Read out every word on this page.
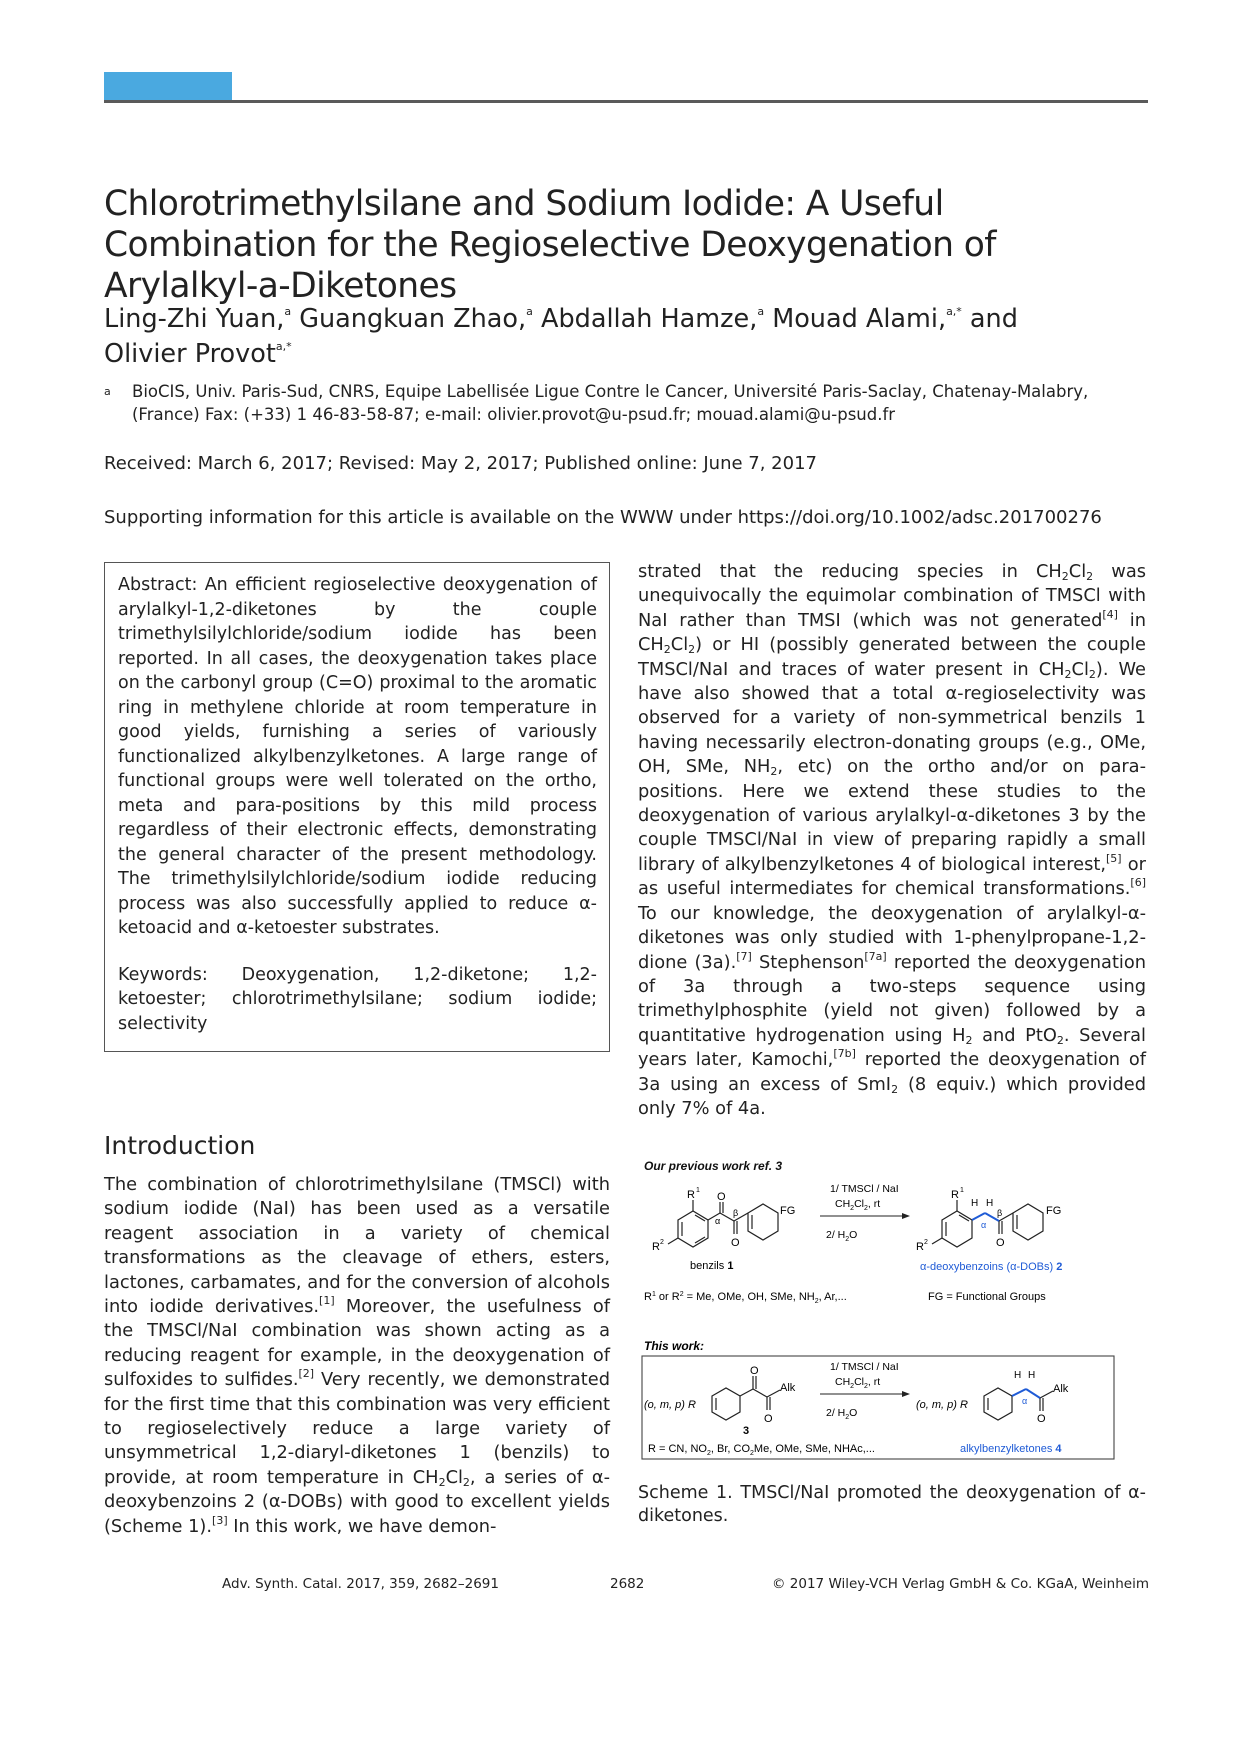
Chlorotrimethylsilane and Sodium Iodide: A Useful Combination for the Regioselective Deoxygenation of Arylalkyl-a-Diketones
Ling-Zhi Yuan,$^a$ Guangkuan Zhao,$^a$ Abdallah Hamze,$^a$ Mouad Alami,$^{a,*}$ and
Olivier Provot$^{a,*}$
a	BioCIS, Univ. Paris-Sud, CNRS, Equipe Labellisée Ligue Contre le Cancer, Université Paris-Saclay, Chatenay-Malabry,
(France) Fax: (+33) 1 46-83-58-87; e-mail: olivier.provot@u-psud.fr; mouad.alami@u-psud.fr
Received: March 6, 2017; Revised: May 2, 2017; Published online: June 7, 2017
Supporting information for this article is available on the WWW under https://doi.org/10.1002/adsc.201700276

Abstract: An efficient regioselective deoxygenation of arylalkyl-1,2-diketones by the couple trimethylsilylchloride/sodium iodide has been reported. In all cases, the deoxygenation takes place on the carbonyl group (C=O) proximal to the aromatic ring in methylene chloride at room temperature in good yields, furnishing a series of variously functionalized alkylbenzylketones. A large range of functional groups were well tolerated on the ortho, meta and para-positions by this mild process regardless of their electronic effects, demonstrating the general character of the present methodology. The trimethylsilylchloride/sodium iodide reducing process was also successfully applied to reduce α-ketoacid and α-ketoester substrates.

Keywords: Deoxygenation, 1,2-diketone; 1,2-ketoester; chlorotrimethylsilane; sodium iodide; selectivity

Introduction

The combination of chlorotrimethylsilane (TMSCl) with sodium iodide (NaI) has been used as a versatile reagent association in a variety of chemical transformations as the cleavage of ethers, esters, lactones, carbamates, and for the conversion of alcohols into iodide derivatives.[1] Moreover, the usefulness of the TMSCl/NaI combination was shown acting as a reducing reagent for example, in the deoxygenation of sulfoxides to sulfides.[2] Very recently, we demonstrated for the first time that this combination was very efficient to regioselectively reduce a large variety of unsymmetrical 1,2-diaryl-diketones 1 (benzils) to provide, at room temperature in $CH_2Cl_2$, a series of α-deoxybenzoins 2 (α-DOBs) with good to excellent yields (Scheme 1).[3] In this work, we have demon-

strated that the reducing species in $CH_2Cl_2$ was unequivocally the equimolar combination of TMSCl with NaI rather than TMSI (which was not generated[4] in $CH_2Cl_2$) or HI (possibly generated between the couple TMSCl/NaI and traces of water present in $CH_2Cl_2$). We have also showed that a total α-regioselectivity was observed for a variety of non-symmetrical benzils 1 having necessarily electron-donating groups (e.g., OMe, OH, SMe, $NH_2$, etc) on the ortho and/or on para-positions. Here we extend these studies to the deoxygenation of various arylalkyl-α-diketones 3 by the couple TMSCl/NaI in view of preparing rapidly a small library of alkylbenzylketones 4 of biological interest,[5] or as useful intermediates for chemical transformations.[6] To our knowledge, the deoxygenation of arylalkyl-α-diketones was only studied with 1-phenylpropane-1,2-dione (3a).[7] Stephenson[7a] reported the deoxygenation of 3a through a two-steps sequence using trimethylphosphite (yield not given) followed by a quantitative hydrogenation using $H_2$ and PtO$_2$. Several years later, Kamochi,[7b] reported the deoxygenation of 3a using an excess of SmI$_2$ (8 equiv.) which provided only 7% of 4a.

Our previous work ref. 3
R 1
O
O
α
β	FG
R 2
benzils 1
1/ TMSCl / NaI
$CH_2Cl_2$, rt
2/ $H_2O$
R 1
H H
α
β
O
FG
R 2
α-deoxybenzoins (α-DOBs) 2
$R^1$ or $R^2 = Me$, OMe, OH, SMe, $NH_2$, Ar,...	FG = Functional Groups
This work:
(o, m, p) R
O
O
Alk
3
1/ TMSCl / NaI
$CH_2Cl_2$, rt
2/ $H_2O$
(o, m, p) R
H H
α
O
Alk
R = CN, $NO_2$, Br, $CO_2Me$, OMe, SMe, NHAc,...	alkylbenzylketones 4
Scheme 1. TMSCl/NaI promoted the deoxygenation of α-diketones.
Adv. Synth. Catal. 2017, 359, 2682–2691	2682	© 2017 Wiley-VCH Verlag GmbH & Co. KGaA, Weinheim
